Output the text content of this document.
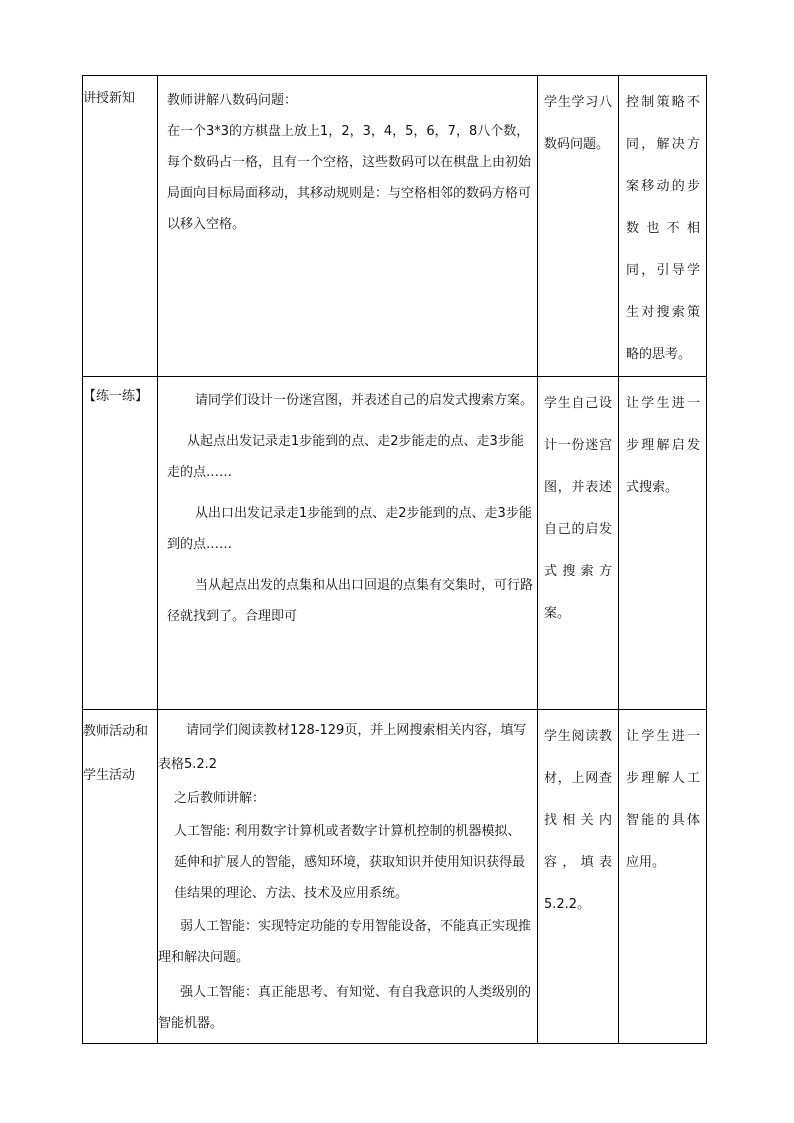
讲授新知	教师讲解八数码问题：

在一个3*3的方棋盘上放上1，2，3，4，5，6，7，8八个数，每个数码占一格，且有一个空格，这些数码可以在棋盘上由初始局面向目标局面移动，其移动规则是：与空格相邻的数码方格可以移入空格。	学生学习八数码问题。	控制策略不同，解决方案移动的步数也不相同，引导学生对搜索策略的思考。

【练一练】	请同学们设计一份迷宫图，并表述自己的启发式搜索方案。

从起点出发记录走1步能到的点、走2步能走的点、走3步能走的点……

从出口出发记录走1步能到的点、走2步能到的点、走3步能到的点……

当从起点出发的点集和从出口回退的点集有交集时，可行路径就找到了。合理即可	学生自己设计一份迷宫图，并表述自己的启发式搜索方案。	让学生进一步理解启发式搜索。

教师活动和学生活动	请同学们阅读教材128-129页，并上网搜索相关内容，填写表格5.2.2

之后教师讲解：

人工智能: 利用数字计算机或者数字计算机控制的机器模拟、延伸和扩展人的智能，感知环境，获取知识并使用知识获得最佳结果的理论、方法、技术及应用系统。

弱人工智能：实现特定功能的专用智能设备，不能真正实现推理和解决问题。

强人工智能：真正能思考、有知觉、有自我意识的人类级别的智能机器。	学生阅读教材，上网查找相关内容，填表5.2.2。	让学生进一步理解人工智能的具体应用。
